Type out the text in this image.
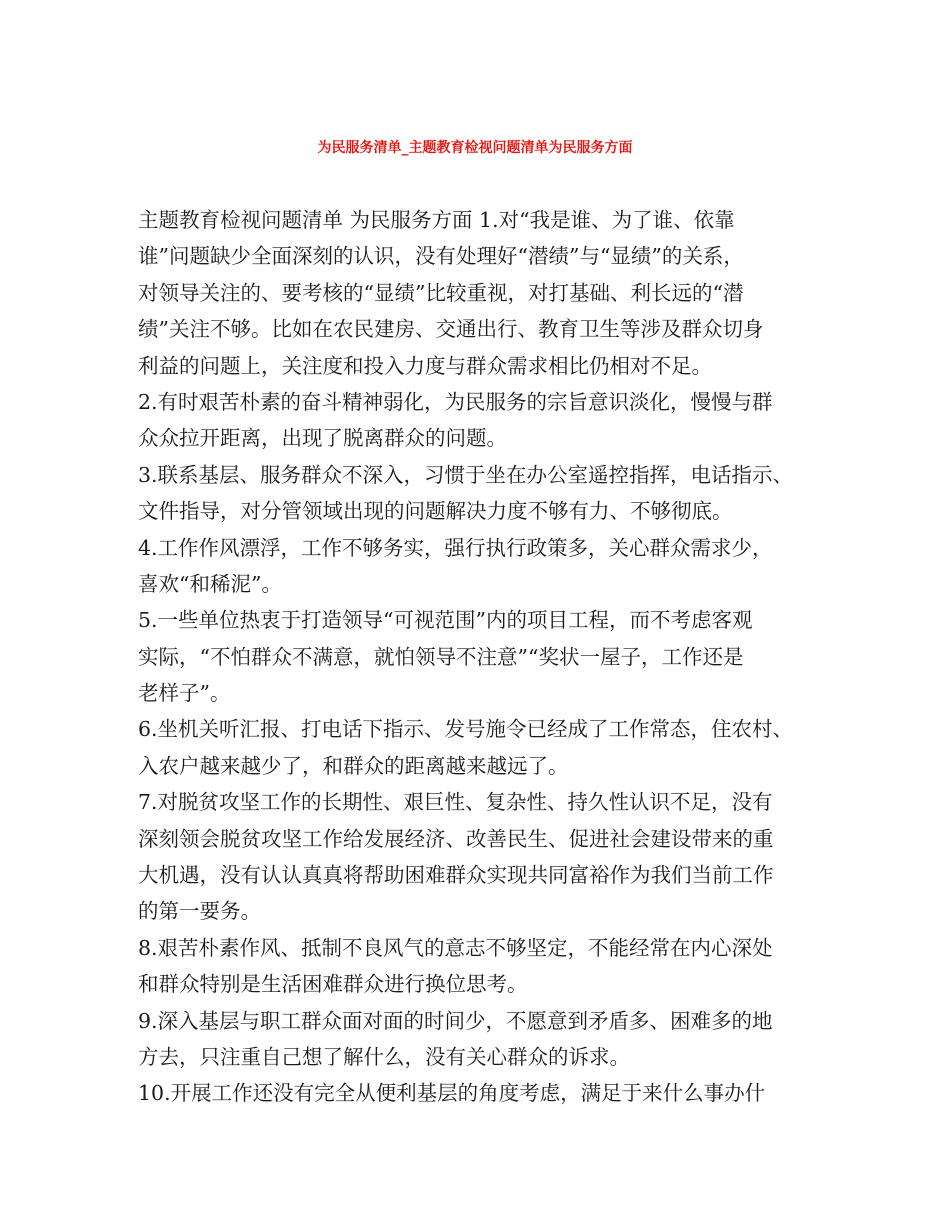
为民服务清单_主题教育检视问题清单为民服务方面
主题教育检视问题清单 为民服务方面 1.对“我是谁、为了谁、依靠
谁”问题缺少全面深刻的认识，没有处理好“潜绩”与“显绩”的关系，
对领导关注的、要考核的“显绩”比较重视，对打基础、利长远的“潜
绩”关注不够。比如在农民建房、交通出行、教育卫生等涉及群众切身
利益的问题上，关注度和投入力度与群众需求相比仍相对不足。
2.有时艰苦朴素的奋斗精神弱化，为民服务的宗旨意识淡化，慢慢与群
众众拉开距离，出现了脱离群众的问题。
3.联系基层、服务群众不深入，习惯于坐在办公室遥控指挥，电话指示、
文件指导，对分管领域出现的问题解决力度不够有力、不够彻底。
4.工作作风漂浮，工作不够务实，强行执行政策多，关心群众需求少，
喜欢“和稀泥”。
5.一些单位热衷于打造领导“可视范围”内的项目工程，而不考虑客观
实际，“不怕群众不满意，就怕领导不注意”“奖状一屋子，工作还是
老样子”。
6.坐机关听汇报、打电话下指示、发号施令已经成了工作常态，住农村、
入农户越来越少了，和群众的距离越来越远了。
7.对脱贫攻坚工作的长期性、艰巨性、复杂性、持久性认识不足，没有
深刻领会脱贫攻坚工作给发展经济、改善民生、促进社会建设带来的重
大机遇，没有认认真真将帮助困难群众实现共同富裕作为我们当前工作
的第一要务。
8.艰苦朴素作风、抵制不良风气的意志不够坚定，不能经常在内心深处
和群众特别是生活困难群众进行换位思考。
9.深入基层与职工群众面对面的时间少，不愿意到矛盾多、困难多的地
方去，只注重自己想了解什么，没有关心群众的诉求。
10.开展工作还没有完全从便利基层的角度考虑，满足于来什么事办什
